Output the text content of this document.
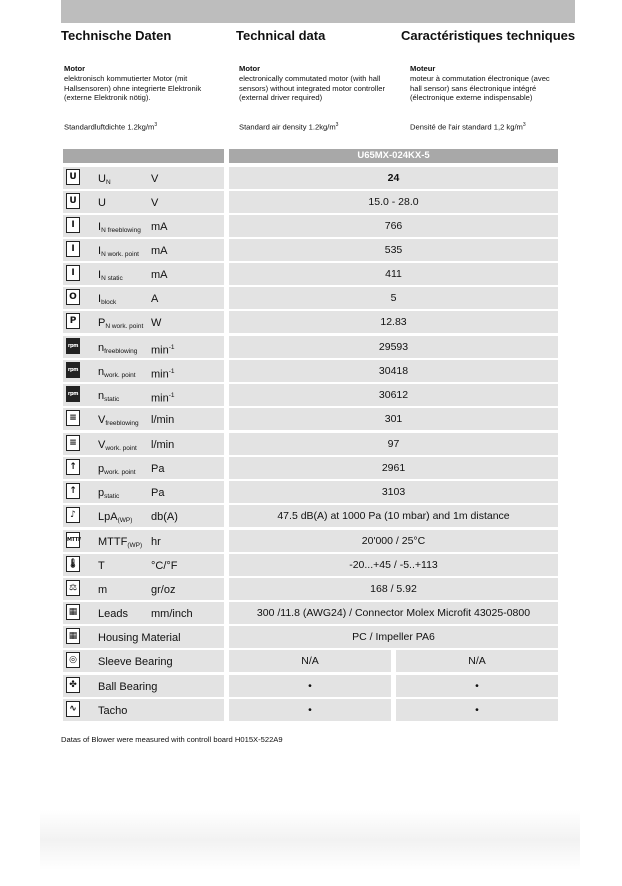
Technische Daten	Technical data	Caractéristiques techniques
Motor
elektronisch kommutierter Motor (mit Hallsensoren) ohne integrierte Elektronik (externe Elektronik nötig).
Motor
electronically commutated motor (with hall sensors) without integrated motor controller (external driver required)
Moteur
moteur à commutation électronique (avec hall sensor) sans électronique intégré (électronique externe indispensable)
Standardluftdichte $1.2kg/m^3$	Standard air density $1.2kg/m^3$	Densité de l'air standard 1,2 $kg/m^3$
U65MX-024KX-5
U	$U_N$	V	24
U	U	V	15.0 - 28.0
I	$I_{N freeblowing}$ mA	766
I	$I_{N work. point}$ mA	535
I	$I_{N static}$	mA	411
O $I_{block}$	A	5
P	$P_{N work. point}$ W	12.83
rpm $n_{freeblowing}$ $\min^{-1}$	29593
rpm $n_{work. point}$ $\min^{-1}$	30418
rpm $n_{static}$	$\min^{-1}$	30612
≡ $V_{freeblowing}$ l/min	301
≡ $V_{work. point}$ l/min	97
↑ $p_{work. point}$ Pa	2961
↑ $p_{static}$	Pa	3103
♪	LpA$_{(WP)}$ db(A)	47.5 dB(A) at 1000 Pa (10 mbar) and 1m distance
MTTF $MTTF_{(WP)}$ hr	20'000 / 25°C
🌡 T	°C/°F	-20...+45 / -5..+113
⚖ m	gr/oz	168 / 5.92
▦ Leads mm/inch	300 /11.8 (AWG24) / Connector Molex Microfit 43025-0800
▦ Housing Material	PC / Impeller PA6
◎ Sleeve Bearing	N/A	N/A
✤ Ball Bearing	•	•
∿ Tacho	•	•
Datas of Blower were measured with controll board H015X-522A9
